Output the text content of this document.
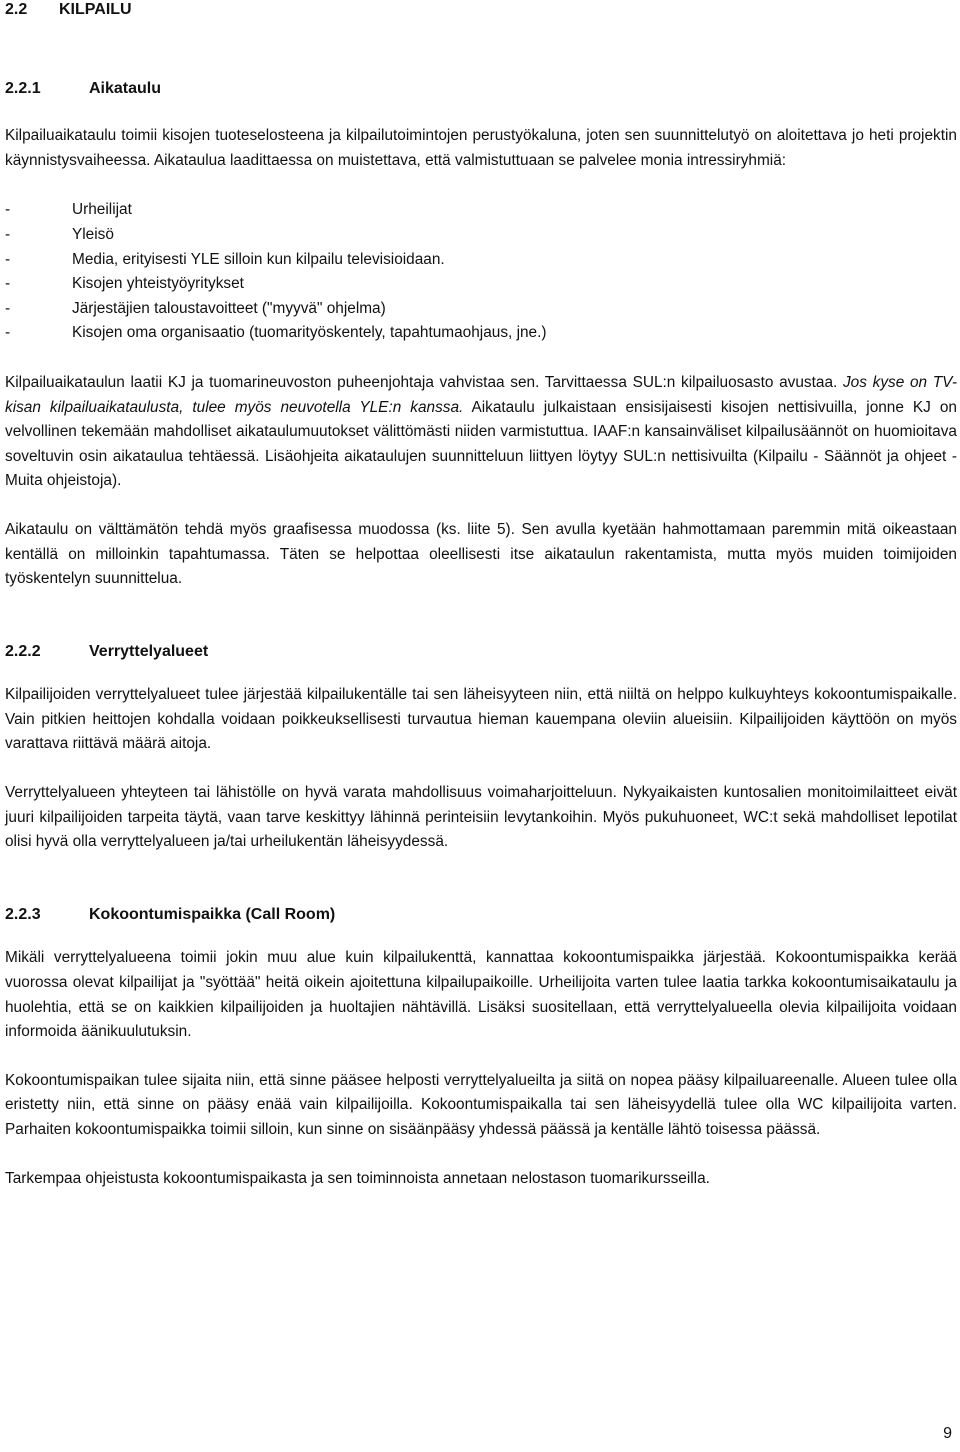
2.2	KILPAILU
2.2.1	Aikataulu

Kilpailuaikataulu toimii kisojen tuoteselosteena ja kilpailutoimintojen perustyökaluna, joten sen suunnittelutyö on aloitettava jo heti projektin käynnistysvaiheessa. Aikataulua laadittaessa on muistettava, että valmistuttuaan se palvelee monia intressiryhmiä:

-	Urheilijat
-	Yleisö
-	Media, erityisesti YLE silloin kun kilpailu televisioidaan.
-	Kisojen yhteistyöyritykset
-	Järjestäjien taloustavoitteet ("myyvä" ohjelma)
-	Kisojen oma organisaatio (tuomarityöskentely, tapahtumaohjaus, jne.)

Kilpailuaikataulun laatii KJ ja tuomarineuvoston puheenjohtaja vahvistaa sen. Tarvittaessa SUL:n kilpailuosasto avustaa. Jos kyse on TV-kisan kilpailuaikataulusta, tulee myös neuvotella YLE:n kanssa. Aikataulu julkaistaan ensisijaisesti kisojen nettisivuilla, jonne KJ on velvollinen tekemään mahdolliset aikataulumuutokset välittömästi niiden varmistuttua. IAAF:n kansainväliset kilpailusäännöt on huomioitava soveltuvin osin aikataulua tehtäessä. Lisäohjeita aikataulujen suunnitteluun liittyen löytyy SUL:n nettisivuilta (Kilpailu - Säännöt ja ohjeet - Muita ohjeistoja).

Aikataulu on välttämätön tehdä myös graafisessa muodossa (ks. liite 5). Sen avulla kyetään hahmottamaan paremmin mitä oikeastaan kentällä on milloinkin tapahtumassa. Täten se helpottaa oleellisesti itse aikataulun rakentamista, mutta myös muiden toimijoiden työskentelyn suunnittelua.

2.2.2	Verryttelyalueet

Kilpailijoiden verryttelyalueet tulee järjestää kilpailukentälle tai sen läheisyyteen niin, että niiltä on helppo kulkuyhteys kokoontumispaikalle. Vain pitkien heittojen kohdalla voidaan poikkeuksellisesti turvautua hieman kauempana oleviin alueisiin. Kilpailijoiden käyttöön on myös varattava riittävä määrä aitoja.

Verryttelyalueen yhteyteen tai lähistölle on hyvä varata mahdollisuus voimaharjoitteluun. Nykyaikaisten kuntosalien monitoimilaitteet eivät juuri kilpailijoiden tarpeita täytä, vaan tarve keskittyy lähinnä perinteisiin levytankoihin. Myös pukuhuoneet, WC:t sekä mahdolliset lepotilat olisi hyvä olla verryttelyalueen ja/tai urheilukentän läheisyydessä.

2.2.3	Kokoontumispaikka (Call Room)

Mikäli verryttelyalueena toimii jokin muu alue kuin kilpailukenttä, kannattaa kokoontumispaikka järjestää. Kokoontumispaikka kerää vuorossa olevat kilpailijat ja "syöttää" heitä oikein ajoitettuna kilpailupaikoille. Urheilijoita varten tulee laatia tarkka kokoontumisaikataulu ja huolehtia, että se on kaikkien kilpailijoiden ja huoltajien nähtävillä. Lisäksi suositellaan, että verryttelyalueella olevia kilpailijoita voidaan informoida äänikuulutuksin.

Kokoontumispaikan tulee sijaita niin, että sinne pääsee helposti verryttelyalueilta ja siitä on nopea pääsy kilpailuareenalle. Alueen tulee olla eristetty niin, että sinne on pääsy enää vain kilpailijoilla. Kokoontumispaikalla tai sen läheisyydellä tulee olla WC kilpailijoita varten. Parhaiten kokoontumispaikka toimii silloin, kun sinne on sisäänpääsy yhdessä päässä ja kentälle lähtö toisessa päässä.

Tarkempaa ohjeistusta kokoontumispaikasta ja sen toiminnoista annetaan nelostason tuomarikursseilla.

9
